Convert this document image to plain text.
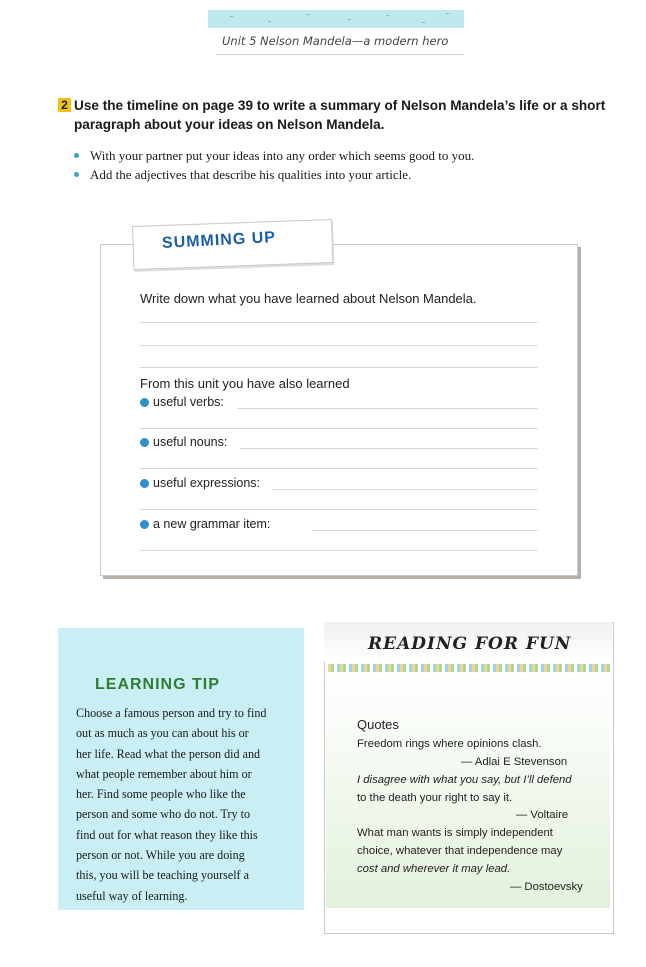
Unit 5 Nelson Mandela—a modern hero
2 Use the timeline on page 39 to write a summary of Nelson Mandela’s life or a short
paragraph about your ideas on Nelson Mandela.
With your partner put your ideas into any order which seems good to you.
Add the adjectives that describe his qualities into your article.
SUMMING UP
Write down what you have learned about Nelson Mandela.
From this unit you have also learned
useful verbs:
useful nouns:
useful expressions:
a new grammar item:
LEARNING TIP
Choose a famous person and try to find
out as much as you can about his or
her life. Read what the person did and
what people remember about him or
her. Find some people who like the
person and some who do not. Try to
find out for what reason they like this
person or not. While you are doing
this, you will be teaching yourself a
useful way of learning.
READING FOR FUN
Quotes
Freedom rings where opinions clash.
— Adlai E Stevenson
I disagree with what you say, but I’ll defend
to the death your right to say it.
— Voltaire
What man wants is simply independent
choice, whatever that independence may
cost and wherever it may lead.
— Dostoevsky
